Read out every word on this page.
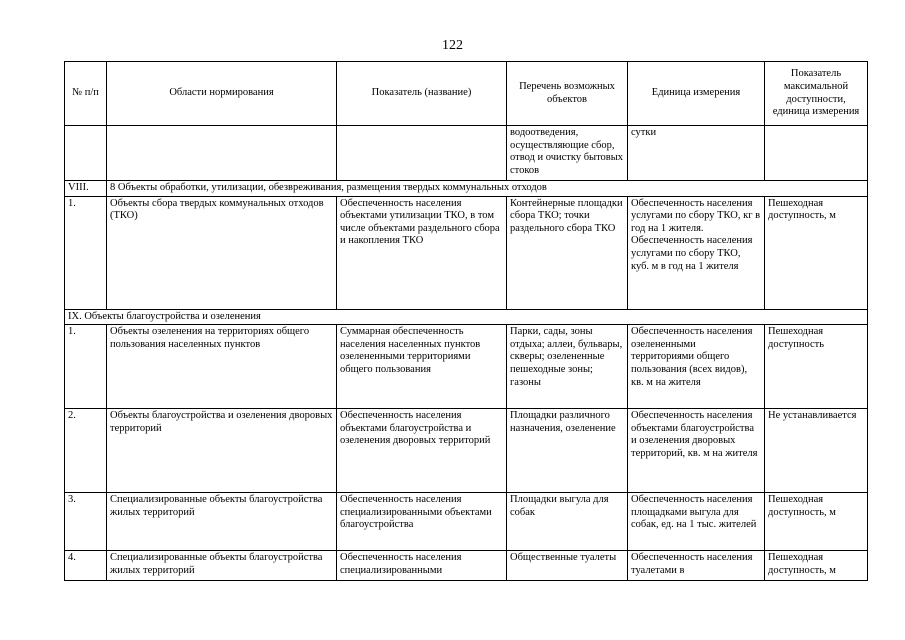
122
№ п/п	Области нормирования	Показатель (название)	Перечень возможных объектов	Единица измерения	Показатель максимальной доступности, единица измерения
			водоотведения, осуществляющие сбор, отвод и очистку бытовых стоков	сутки	
VIII.	8 Объекты обработки, утилизации, обезвреживания, размещения твердых коммунальных отходов				
1.	Объекты сбора твердых коммунальных отходов (ТКО)	Обеспеченность населения объектами утилизации ТКО, в том числе объектами раздельного сбора и накопления ТКО	Контейнерные площадки сбора ТКО; точки раздельного сбора ТКО	Обеспеченность населения услугами по сбору ТКО, кг в год на 1 жителя. Обеспеченность населения услугами по сбору ТКО, куб. м в год на 1 жителя	Пешеходная доступность, м
IX. Объекты благоустройства и озеленения					
1.	Объекты озеленения на территориях общего пользования населенных пунктов	Суммарная обеспеченность населения населенных пунктов озелененными территориями общего пользования	Парки, сады, зоны отдыха; аллеи, бульвары, скверы; озелененные пешеходные зоны; газоны	Обеспеченность населения озелененными территориями общего пользования (всех видов), кв. м на жителя	Пешеходная доступность
2.	Объекты благоустройства и озеленения дворовых территорий	Обеспеченность населения объектами благоустройства и озеленения дворовых территорий	Площадки различного назначения, озеленение	Обеспеченность населения объектами благоустройства и озеленения дворовых территорий, кв. м на жителя	Не устанавливается
3.	Специализированные объекты благоустройства жилых территорий	Обеспеченность населения специализированными объектами благоустройства	Площадки выгула для собак	Обеспеченность населения площадками выгула для собак, ед. на 1 тыс. жителей	Пешеходная доступность, м
4.	Специализированные объекты благоустройства жилых территорий	Обеспеченность населения специализированными	Общественные туалеты	Обеспеченность населения туалетами в	Пешеходная доступность, м
